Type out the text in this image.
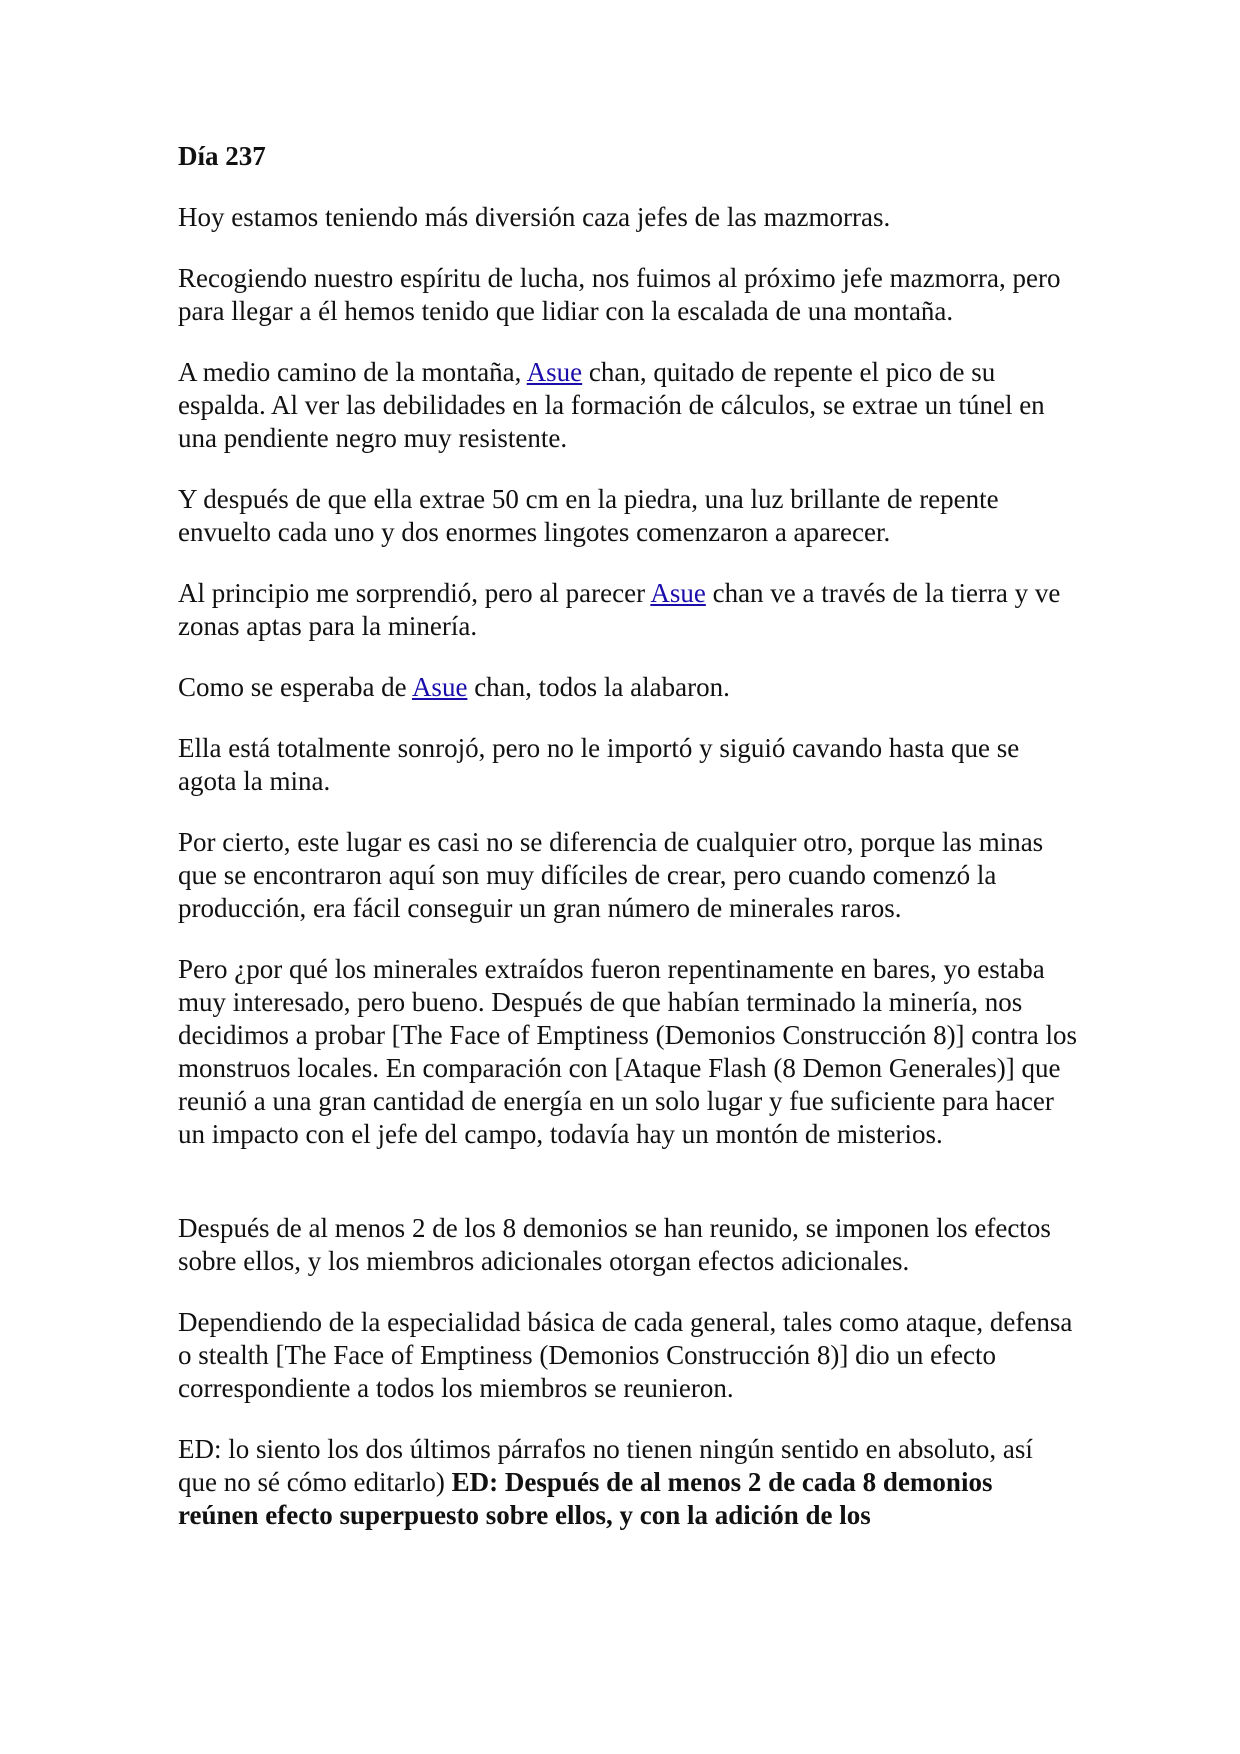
Día 237

Hoy estamos teniendo más diversión caza jefes de las mazmorras.

Recogiendo nuestro espíritu de lucha, nos fuimos al próximo jefe mazmorra, pero para llegar a él hemos tenido que lidiar con la escalada de una montaña.

A medio camino de la montaña, Asue chan, quitado de repente el pico de su espalda. Al ver las debilidades en la formación de cálculos, se extrae un túnel en una pendiente negro muy resistente.

Y después de que ella extrae 50 cm en la piedra, una luz brillante de repente envuelto cada uno y dos enormes lingotes comenzaron a aparecer.

Al principio me sorprendió, pero al parecer Asue chan ve a través de la tierra y ve zonas aptas para la minería.

Como se esperaba de Asue chan, todos la alabaron.

Ella está totalmente sonrojó, pero no le importó y siguió cavando hasta que se agota la mina.

Por cierto, este lugar es casi no se diferencia de cualquier otro, porque las minas que se encontraron aquí son muy difíciles de crear, pero cuando comenzó la producción, era fácil conseguir un gran número de minerales raros.

Pero ¿por qué los minerales extraídos fueron repentinamente en bares, yo estaba muy interesado, pero bueno. Después de que habían terminado la minería, nos decidimos a probar [The Face of Emptiness (Demonios Construcción 8)] contra los monstruos locales. En comparación con [Ataque Flash (8 Demon Generales)] que reunió a una gran cantidad de energía en un solo lugar y fue suficiente para hacer un impacto con el jefe del campo, todavía hay un montón de misterios.

Después de al menos 2 de los 8 demonios se han reunido, se imponen los efectos sobre ellos, y los miembros adicionales otorgan efectos adicionales.

Dependiendo de la especialidad básica de cada general, tales como ataque, defensa o stealth [The Face of Emptiness (Demonios Construcción 8)] dio un efecto correspondiente a todos los miembros se reunieron.

ED: lo siento los dos últimos párrafos no tienen ningún sentido en absoluto, así que no sé cómo editarlo) ED: Después de al menos 2 de cada 8 demonios reúnen efecto superpuesto sobre ellos, y con la adición de los
